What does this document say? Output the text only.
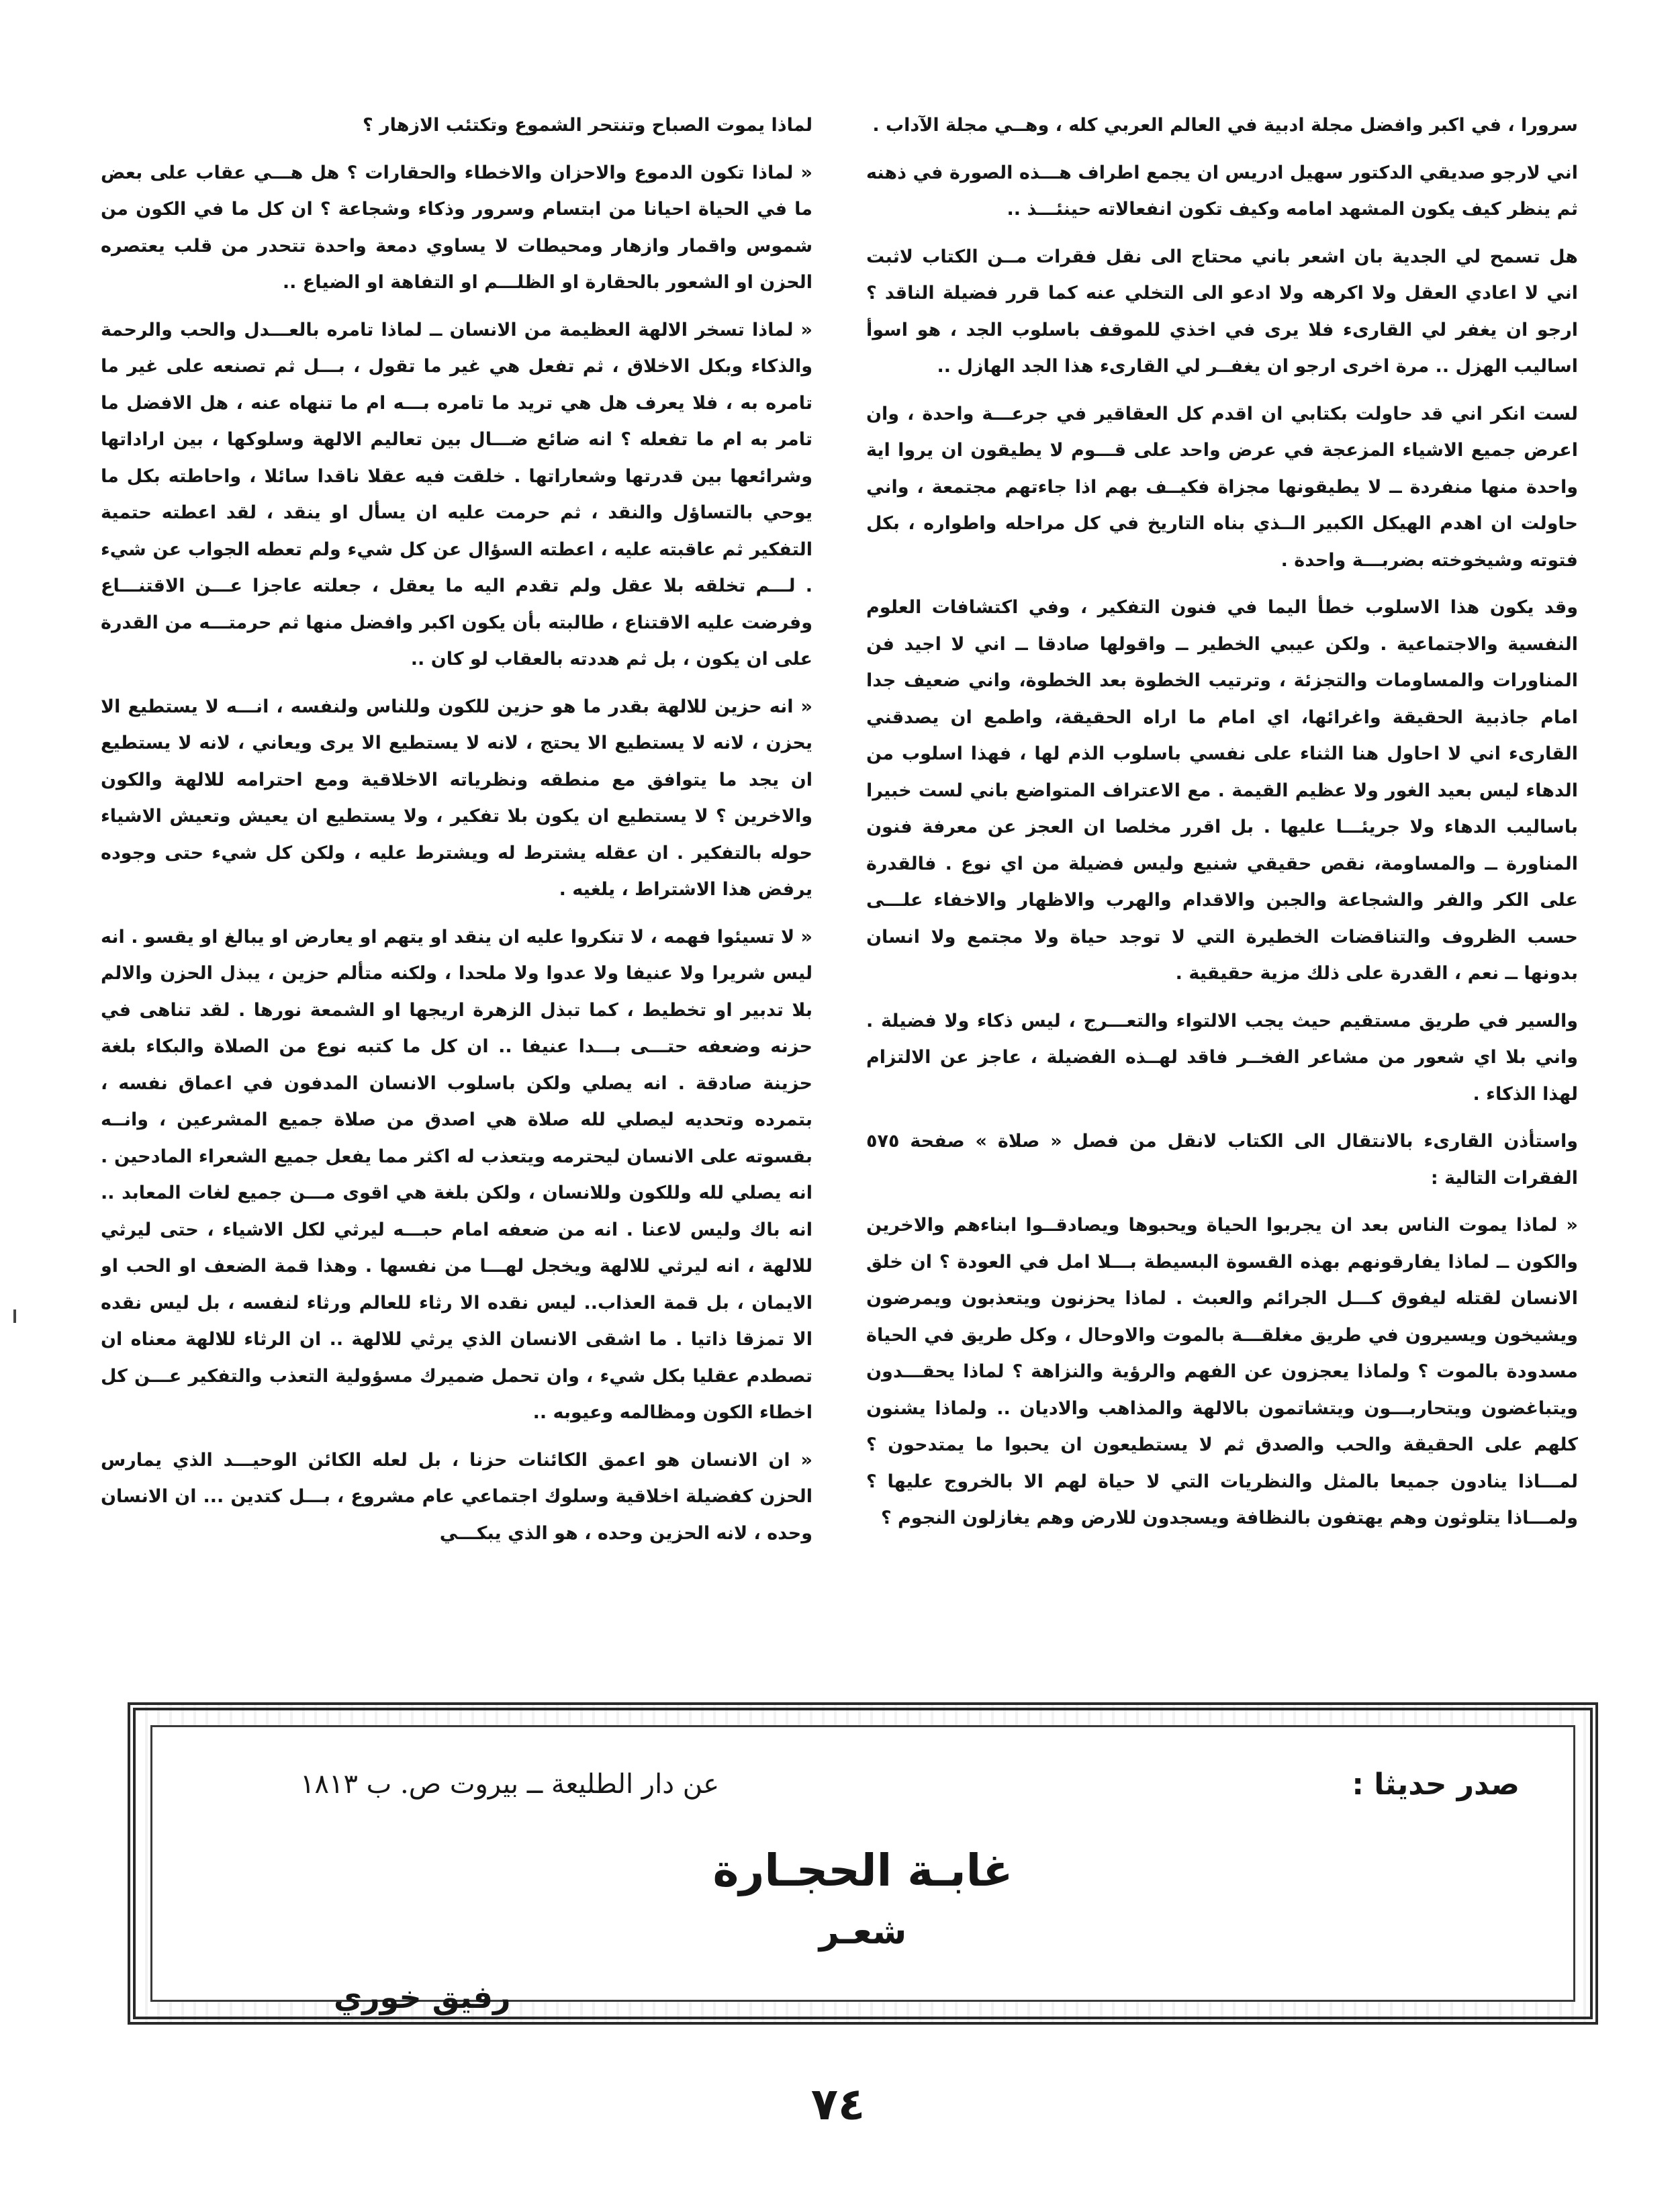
سرورا ، في اكبر وافضل مجلة ادبية في العالم العربي كله ، وهــي مجلة الآداب .

اني لارجو صديقي الدكتور سهيل ادريس ان يجمع اطراف هـــذه الصورة في ذهنه ثم ينظر كيف يكون المشهد امامه وكيف تكون انفعالاته حينئـــذ ..

هل تسمح لي الجدية بان اشعر باني محتاج الى نقل فقرات مــن الكتاب لاثبت اني لا اعادي العقل ولا اكرهه ولا ادعو الى التخلي عنه كما قرر فضيلة الناقد ؟ ارجو ان يغفر لي القارىء فلا يرى في اخذي للموقف باسلوب الجد ، هو اسوأ اساليب الهزل .. مرة اخرى ارجو ان يغفــر لي القارىء هذا الجد الهازل ..

لست انكر اني قد حاولت بكتابي ان اقدم كل العقاقير في جرعـــة واحدة ، وان اعرض جميع الاشياء المزعجة في عرض واحد على قـــوم لا يطيقون ان يروا اية واحدة منها منفردة ــ لا يطيقونها مجزاة فكيــف بهم اذا جاءتهم مجتمعة ، واني حاولت ان اهدم الهيكل الكبير الــذي بناه التاريخ في كل مراحله واطواره ، بكل فتوته وشيخوخته بضربـــة واحدة .

وقد يكون هذا الاسلوب خطأ اليما في فنون التفكير ، وفي اكتشافات العلوم النفسية والاجتماعية . ولكن عيبي الخطير ــ واقولها صادقا ــ اني لا اجيد فن المناورات والمساومات والتجزئة ، وترتيب الخطوة بعد الخطوة، واني ضعيف جدا امام جاذبية الحقيقة واغرائها، اي امام ما اراه الحقيقة، واطمع ان يصدقني القارىء اني لا احاول هنا الثناء على نفسي باسلوب الذم لها ، فهذا اسلوب من الدهاء ليس بعيد الغور ولا عظيم القيمة . مع الاعتراف المتواضع باني لست خبيرا باساليب الدهاء ولا جريئـــا عليها . بل اقرر مخلصا ان العجز عن معرفة فنون المناورة ــ والمساومة، نقص حقيقي شنيع وليس فضيلة من اي نوع . فالقدرة على الكر والفر والشجاعة والجبن والاقدام والهرب والاظهار والاخفاء علـــى حسب الظروف والتناقضات الخطيرة التي لا توجد حياة ولا مجتمع ولا انسان بدونها ــ نعم ، القدرة على ذلك مزية حقيقية .

والسير في طريق مستقيم حيث يجب الالتواء والتعـــرج ، ليس ذكاء ولا فضيلة . واني بلا اي شعور من مشاعر الفخــر فاقد لهــذه الفضيلة ، عاجز عن الالتزام لهذا الذكاء .

واستأذن القارىء بالانتقال الى الكتاب لانقل من فصل « صلاة » صفحة ٥٧٥ الفقرات التالية :

« لماذا يموت الناس بعد ان يجربوا الحياة ويحبوها ويصادقــوا ابناءهم والاخرين والكون ــ لماذا يفارقونهم بهذه القسوة البسيطة بـــلا امل في العودة ؟ ان خلق الانسان لقتله ليفوق كـــل الجرائم والعبث . لماذا يحزنون ويتعذبون ويمرضون ويشيخون ويسيرون في طريق مغلقـــة بالموت والاوحال ، وكل طريق في الحياة مسدودة بالموت ؟ ولماذا يعجزون عن الفهم والرؤية والنزاهة ؟ لماذا يحقـــدون ويتباغضون ويتحاربـــون ويتشاتمون بالالهة والمذاهب والاديان .. ولماذا يشنون كلهم على الحقيقة والحب والصدق ثم لا يستطيعون ان يحبوا ما يمتدحون ؟ لمـــاذا ينادون جميعا بالمثل والنظريات التي لا حياة لهم الا بالخروج عليها ؟ ولمـــاذا يتلوثون وهم يهتفون بالنظافة ويسجدون للارض وهم يغازلون النجوم ؟

لماذا يموت الصباح وتنتحر الشموع وتكتئب الازهار ؟

« لماذا تكون الدموع والاحزان والاخطاء والحقارات ؟ هل هـــي عقاب على بعض ما في الحياة احيانا من ابتسام وسرور وذكاء وشجاعة ؟ ان كل ما في الكون من شموس واقمار وازهار ومحيطات لا يساوي دمعة واحدة تتحدر من قلب يعتصره الحزن او الشعور بالحقارة او الظلـــم او التفاهة او الضياع ..

« لماذا تسخر الالهة العظيمة من الانسان ــ لماذا تامره بالعـــدل والحب والرحمة والذكاء وبكل الاخلاق ، ثم تفعل هي غير ما تقول ، بـــل ثم تصنعه على غير ما تامره به ، فلا يعرف هل هي تريد ما تامره بـــه ام ما تنهاه عنه ، هل الافضل ما تامر به ام ما تفعله ؟ انه ضائع ضـــال بين تعاليم الالهة وسلوكها ، بين اراداتها وشرائعها بين قدرتها وشعاراتها . خلقت فيه عقلا ناقدا سائلا ، واحاطته بكل ما يوحي بالتساؤل والنقد ، ثم حرمت عليه ان يسأل او ينقد ، لقد اعطته حتمية التفكير ثم عاقبته عليه ، اعطته السؤال عن كل شيء ولم تعطه الجواب عن شيء . لـــم تخلقه بلا عقل ولم تقدم اليه ما يعقل ، جعلته عاجزا عـــن الاقتنـــاع وفرضت عليه الاقتناع ، طالبته بأن يكون اكبر وافضل منها ثم حرمتـــه من القدرة على ان يكون ، بل ثم هددته بالعقاب لو كان ..

« انه حزين للالهة بقدر ما هو حزين للكون وللناس ولنفسه ، انـــه لا يستطيع الا يحزن ، لانه لا يستطيع الا يحتج ، لانه لا يستطيع الا يرى ويعاني ، لانه لا يستطيع ان يجد ما يتوافق مع منطقه ونظرياته الاخلاقية ومع احترامه للالهة والكون والاخرين ؟ لا يستطيع ان يكون بلا تفكير ، ولا يستطيع ان يعيش وتعيش الاشياء حوله بالتفكير . ان عقله يشترط له ويشترط عليه ، ولكن كل شيء حتى وجوده يرفض هذا الاشتراط ، يلغيه .

« لا تسيئوا فهمه ، لا تنكروا عليه ان ينقد او يتهم او يعارض او يبالغ او يقسو . انه ليس شريرا ولا عنيفا ولا عدوا ولا ملحدا ، ولكنه متألم حزين ، يبذل الحزن والالم بلا تدبير او تخطيط ، كما تبذل الزهرة اريجها او الشمعة نورها . لقد تناهى في حزنه وضعفه حتـــى بـــدا عنيفا .. ان كل ما كتبه نوع من الصلاة والبكاء بلغة حزينة صادقة . انه يصلي ولكن باسلوب الانسان المدفون في اعماق نفسه ، بتمرده وتحديه ليصلي لله صلاة هي اصدق من صلاة جميع المشرعين ، وانــه بقسوته على الانسان ليحترمه ويتعذب له اكثر مما يفعل جميع الشعراء المادحين . انه يصلي لله وللكون وللانسان ، ولكن بلغة هي اقوى مـــن جميع لغات المعابد .. انه باك وليس لاعنا . انه من ضعفه امام حبـــه ليرثي لكل الاشياء ، حتى ليرثي للالهة ، انه ليرثي للالهة ويخجل لهـــا من نفسها . وهذا قمة الضعف او الحب او الايمان ، بل قمة العذاب.. ليس نقده الا رثاء للعالم ورثاء لنفسه ، بل ليس نقده الا تمزقا ذاتيا . ما اشقى الانسان الذي يرثي للالهة .. ان الرثاء للالهة معناه ان تصطدم عقليا بكل شيء ، وان تحمل ضميرك مسؤولية التعذب والتفكير عـــن كل اخطاء الكون ومظالمه وعيوبه ..

« ان الانسان هو اعمق الكائنات حزنا ، بل لعله الكائن الوحيـــد الذي يمارس الحزن كفضيلة اخلاقية وسلوك اجتماعي عام مشروع ، بـــل كتدين ... ان الانسان وحده ، لانه الحزين وحده ، هو الذي يبكـــي

صدر حديثا :
عن دار الطليعة ــ بيروت ص. ب ١٨١٣
غابـة الحجـارة
شعـر
رفيق خوري
٧٤
